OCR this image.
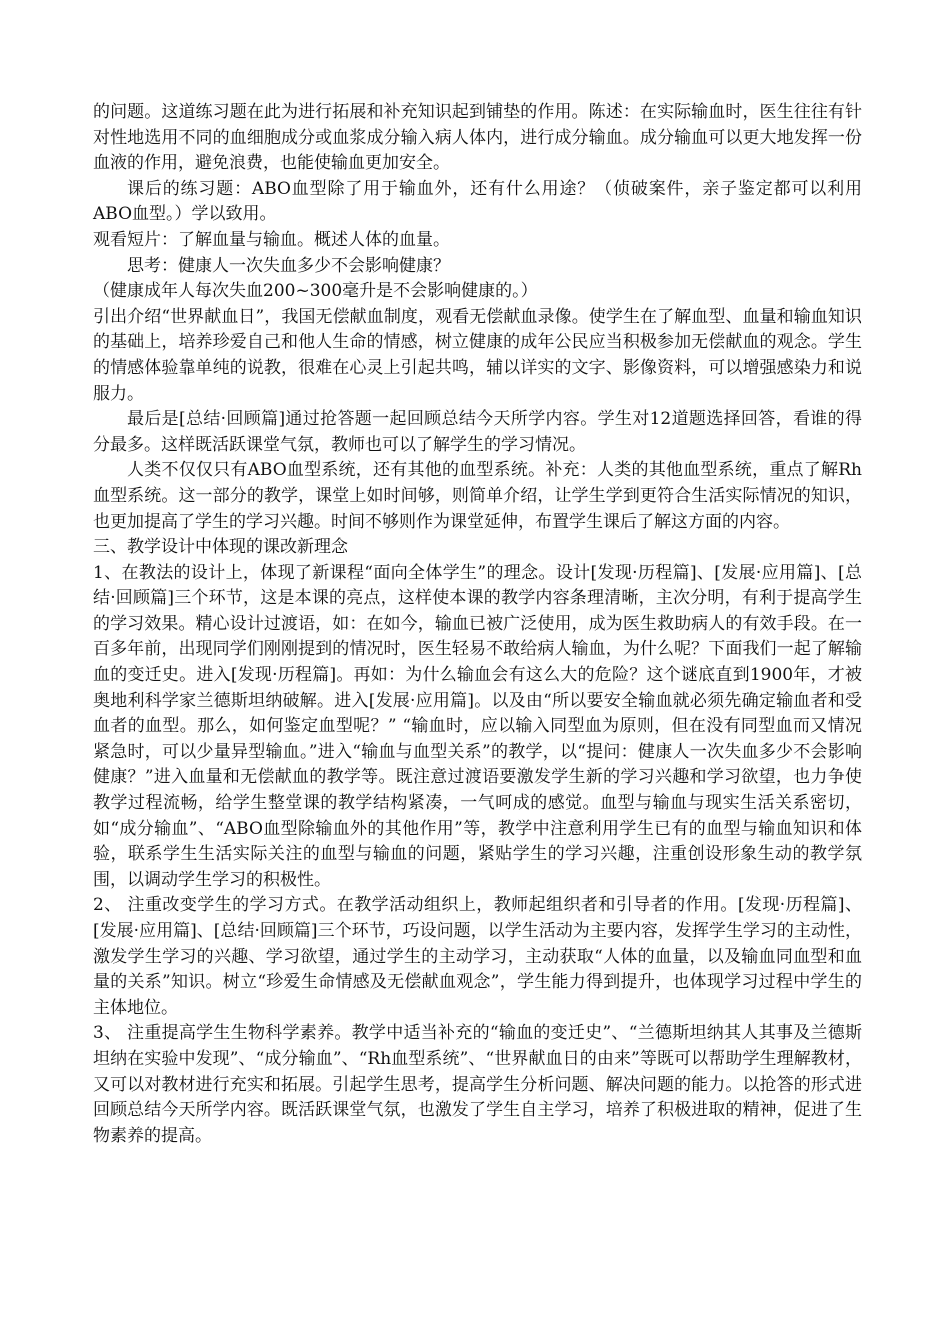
的问题。这道练习题在此为进行拓展和补充知识起到铺垫的作用。陈述：在实际输血时，医生往往有针对性地选用不同的血细胞成分或血浆成分输入病人体内，进行成分输血。成分输血可以更大地发挥一份血液的作用，避免浪费，也能使输血更加安全。

课后的练习题：ABO血型除了用于输血外，还有什么用途？（侦破案件，亲子鉴定都可以利用ABO血型。）学以致用。

观看短片：了解血量与输血。概述人体的血量。

思考：健康人一次失血多少不会影响健康？

（健康成年人每次失血200~300毫升是不会影响健康的。）

引出介绍“世界献血日”，我国无偿献血制度，观看无偿献血录像。使学生在了解血型、血量和输血知识的基础上，培养珍爱自己和他人生命的情感，树立健康的成年公民应当积极参加无偿献血的观念。学生的情感体验靠单纯的说教，很难在心灵上引起共鸣，辅以详实的文字、影像资料，可以增强感染力和说服力。

最后是[总结·回顾篇]通过抢答题一起回顾总结今天所学内容。学生对12道题选择回答，看谁的得分最多。这样既活跃课堂气氛，教师也可以了解学生的学习情况。

人类不仅仅只有ABO血型系统，还有其他的血型系统。补充：人类的其他血型系统，重点了解Rh血型系统。这一部分的教学，课堂上如时间够，则简单介绍，让学生学到更符合生活实际情况的知识，也更加提高了学生的学习兴趣。时间不够则作为课堂延伸，布置学生课后了解这方面的内容。

三、教学设计中体现的课改新理念

1、在教法的设计上，体现了新课程“面向全体学生”的理念。设计[发现·历程篇]、[发展·应用篇]、[总结·回顾篇]三个环节，这是本课的亮点，这样使本课的教学内容条理清晰，主次分明，有利于提高学生的学习效果。精心设计过渡语，如：在如今，输血已被广泛使用，成为医生救助病人的有效手段。在一百多年前，出现同学们刚刚提到的情况时，医生轻易不敢给病人输血，为什么呢？下面我们一起了解输血的变迁史。进入[发现·历程篇]。再如：为什么输血会有这么大的危险？这个谜底直到1900年，才被奥地利科学家兰德斯坦纳破解。进入[发展·应用篇]。以及由“所以要安全输血就必须先确定输血者和受血者的血型。那么，如何鉴定血型呢？” “输血时，应以输入同型血为原则，但在没有同型血而又情况紧急时，可以少量异型输血。”进入“输血与血型关系”的教学，以“提问：健康人一次失血多少不会影响健康？”进入血量和无偿献血的教学等。既注意过渡语要激发学生新的学习兴趣和学习欲望，也力争使教学过程流畅，给学生整堂课的教学结构紧凑，一气呵成的感觉。血型与输血与现实生活关系密切，如“成分输血”、“ABO血型除输血外的其他作用”等，教学中注意利用学生已有的血型与输血知识和体验，联系学生生活实际关注的血型与输血的问题，紧贴学生的学习兴趣，注重创设形象生动的教学氛围，以调动学生学习的积极性。

2、 注重改变学生的学习方式。在教学活动组织上，教师起组织者和引导者的作用。[发现·历程篇]、[发展·应用篇]、[总结·回顾篇]三个环节，巧设问题，以学生活动为主要内容，发挥学生学习的主动性，激发学生学习的兴趣、学习欲望，通过学生的主动学习，主动获取“人体的血量，以及输血同血型和血量的关系”知识。树立“珍爱生命情感及无偿献血观念”，学生能力得到提升，也体现学习过程中学生的主体地位。

3、 注重提高学生生物科学素养。教学中适当补充的“输血的变迁史”、“兰德斯坦纳其人其事及兰德斯坦纳在实验中发现”、“成分输血”、“Rh血型系统”、“世界献血日的由来”等既可以帮助学生理解教材，又可以对教材进行充实和拓展。引起学生思考，提高学生分析问题、解决问题的能力。以抢答的形式进回顾总结今天所学内容。既活跃课堂气氛，也激发了学生自主学习，培养了积极进取的精神，促进了生物素养的提高。
